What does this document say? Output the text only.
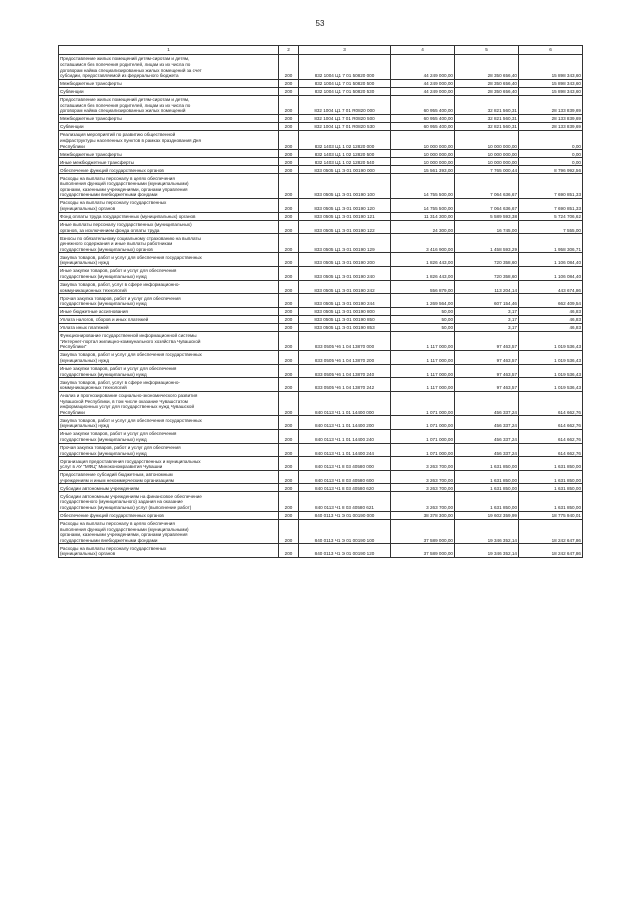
53
1	2	3	4	5	6
Предоставление жилых помещений детям-сиротам и детям,
оставшимся без попечения родителей, лицам из их числа по
договорам найма специализированных жилых помещений за счет
субсидии, предоставляемой из федерального бюджета	200	832 1004 Ц1 7 01 50820 000	44 249 000,00	28 350 656,40	15 898 343,60
Межбюджетные трансферты	200	832 1004 Ц1 7 01 50820 500	44 249 000,00	28 350 656,40	15 898 343,60
Субвенции	200	832 1004 Ц1 7 01 50820 530	44 249 000,00	28 350 656,40	15 898 343,60
Предоставление жилых помещений детям-сиротам и детям,
оставшимся без попечения родителей, лицам из их числа по
договорам найма специализированных жилых помещений	200	832 1004 Ц1 7 01 R0820 000	60 955 400,00	32 821 560,31	28 133 839,69
Межбюджетные трансферты	200	832 1004 Ц1 7 01 R0820 500	60 955 400,00	32 821 560,31	28 133 839,69
Субвенции	200	832 1004 Ц1 7 01 R0820 530	60 955 400,00	32 821 560,31	28 133 839,69
Реализация мероприятий по развитию общественной
инфраструктуры населенных пунктов в рамках празднования Дня
Республики	200	832 1403 Ц1 1 02 12820 000	10 000 000,00	10 000 000,00	0,00
Межбюджетные трансферты	200	832 1403 Ц1 1 02 12820 500	10 000 000,00	10 000 000,00	0,00
Иные межбюджетные трансферты	200	832 1403 Ц1 1 02 12820 540	10 000 000,00	10 000 000,00	0,00
Обеспечение функций государственных органов	200	833 0505 Ц1 Э 01 00190 000	15 561 393,00	7 765 000,44	8 796 992,56
Расходы на выплаты персоналу в целях обеспечения
выполнения функций государственными (муниципальными)
органами, казенными учреждениями, органами управления
государственными внебюджетными фондами	200	833 0505 Ц1 Э 01 00190 100	14 755 500,00	7 064 636,67	7 690 851,33
Расходы на выплаты персоналу государственных
(муниципальных) органов	200	833 0505 Ц1 Э 01 00190 120	14 755 500,00	7 064 636,67	7 690 851,33
Фонд оплаты труда государственных (муниципальных) органов	200	833 0505 Ц1 Э 01 00190 121	11 314 300,00	5 589 593,38	5 724 706,62
Иные выплаты персоналу государственных (муниципальных)
органов, за исключением фонда оплаты труда	200	833 0505 Ц1 Э 01 00190 122	24 300,00	16 745,00	7 555,00
Взносы по обязательному социальному страхованию на выплаты
денежного содержания и иные выплаты работникам
государственных (муниципальных) органов	200	833 0505 Ц1 Э 01 00190 129	3 416 900,00	1 458 593,29	1 958 306,71
Закупка товаров, работ и услуг для обеспечения государственных
(муниципальных) нужд	200	833 0505 Ц1 Э 01 00190 200	1 826 443,00	720 358,60	1 106 084,40
Иные закупки товаров, работ и услуг для обеспечения
государственных (муниципальных) нужд	200	833 0505 Ц1 Э 01 00190 240	1 826 443,00	720 358,60	1 106 084,40
Закупка товаров, работ, услуг в сфере информационно-
коммуникационных технологий	200	833 0505 Ц1 Э 01 00190 242	556 879,00	113 204,14	443 674,86
Прочая закупка товаров, работ и услуг для обеспечения
государственных (муниципальных) нужд	200	833 0505 Ц1 Э 01 00190 244	1 269 564,00	607 154,46	662 409,54
Иные бюджетные ассигнования	200	833 0505 Ц1 Э 01 00190 800	50,00	3,17	46,83
Уплата налогов, сборов и иных платежей	200	833 0505 Ц1 Э 01 00190 850	50,00	3,17	46,83
Уплата иных платежей	200	833 0505 Ц1 Э 01 00190 853	50,00	3,17	46,83
Функционирование государственной информационной системы
"Интернет-портал жилищно-коммунального хозяйства Чувашской
Республики"	200	833 0505 Ч6 1 04 13870 000	1 117 000,00	97 463,57	1 019 536,43
Закупка товаров, работ и услуг для обеспечения государственных
(муниципальных) нужд	200	833 0505 Ч6 1 04 13870 200	1 117 000,00	97 463,57	1 019 536,43
Иные закупки товаров, работ и услуг для обеспечения
государственных (муниципальных) нужд	200	833 0505 Ч6 1 04 13870 240	1 117 000,00	97 463,57	1 019 536,43
Закупка товаров, работ, услуг в сфере информационно-
коммуникационных технологий	200	833 0505 Ч6 1 04 13870 242	1 117 000,00	97 463,57	1 019 536,43
Анализ и прогнозирование социально-экономического развития
Чувашской Республики, в том числе оказание Чувашстатом
информационных услуг для государственных нужд Чувашской
Республики	200	840 0113 Ч1 1 01 14400 000	1 071 000,00	456 337,24	614 662,76
Закупка товаров, работ и услуг для обеспечения государственных
(муниципальных) нужд	200	840 0113 Ч1 1 01 14400 200	1 071 000,00	456 337,24	614 662,76
Иные закупки товаров, работ и услуг для обеспечения
государственных (муниципальных) нужд	200	840 0113 Ч1 1 01 14400 240	1 071 000,00	456 337,24	614 662,76
Прочая закупка товаров, работ и услуг для обеспечения
государственных (муниципальных) нужд	200	840 0113 Ч1 1 01 14400 244	1 071 000,00	456 337,24	614 662,76
Организация предоставления государственных и муниципальных
услуг в АУ "МФЦ" Минэкономразвития Чувашии	200	840 0113 Ч1 8 03 40580 000	3 263 700,00	1 631 850,00	1 631 850,00
Предоставление субсидий бюджетным, автономным
учреждениям и иным некоммерческим организациям	200	840 0113 Ч1 8 03 40580 600	3 263 700,00	1 631 850,00	1 631 850,00
Субсидии автономным учреждениям	200	840 0113 Ч1 8 03 40580 620	3 263 700,00	1 631 850,00	1 631 850,00
Субсидии автономным учреждениям на финансовое обеспечение
государственного (муниципального) задания на оказание
государственных (муниципальных) услуг (выполнение работ)	200	840 0113 Ч1 8 03 40580 621	3 263 700,00	1 631 850,00	1 631 850,00
Обеспечение функций государственных органов	200	840 0113 Ч1 Э 01 00190 000	38 378 300,00	19 602 359,99	18 775 940,01
Расходы на выплаты персоналу в целях обеспечения
выполнения функций государственными (муниципальными)
органами, казенными учреждениями, органами управления
государственными внебюджетными фондами	200	840 0113 Ч1 Э 01 00190 100	37 589 000,00	19 346 352,14	18 242 647,86
Расходы на выплаты персоналу государственных
(муниципальных) органов	200	840 0113 Ч1 Э 01 00190 120	37 589 000,00	19 346 352,14	18 242 647,86
